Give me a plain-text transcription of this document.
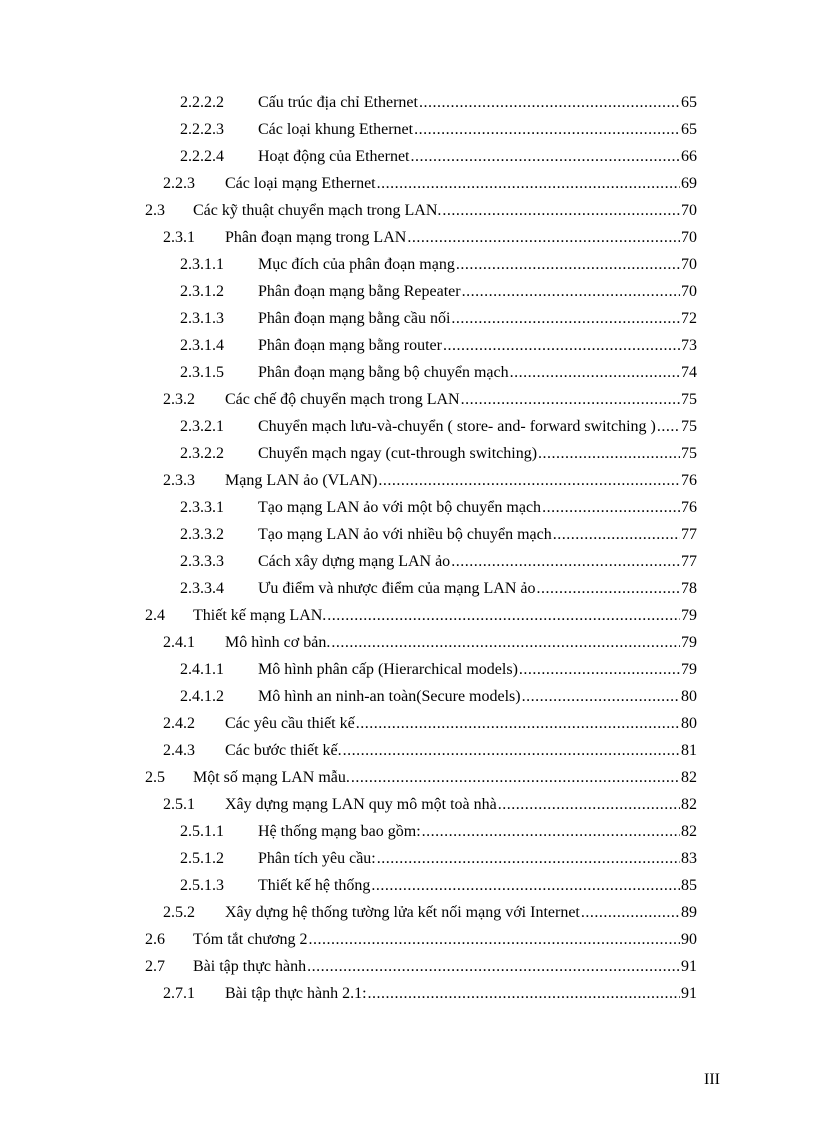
2.2.2.2 Cấu trúc địa chỉ Ethernet .....	65
2.2.2.3 Các loại khung Ethernet .....	65
2.2.2.4 Hoạt động của Ethernet .....	66
2.2.3 Các loại mạng Ethernet .....	69
2.3 Các kỹ thuật chuyển mạch trong LAN. .....	70
2.3.1 Phân đoạn mạng trong LAN .....	70
2.3.1.1 Mục đích của phân đoạn mạng .....	70
2.3.1.2 Phân đoạn mạng bằng Repeater .....	70
2.3.1.3 Phân đoạn mạng bằng cầu nối .....	72
2.3.1.4 Phân đoạn mạng bằng router .....	73
2.3.1.5 Phân đoạn mạng bằng bộ chuyển mạch .....	74
2.3.2 Các chế độ chuyển mạch trong LAN .....	75
2.3.2.1 Chuyển mạch lưu-và-chuyển ( store- and- forward switching ) ..... 75
2.3.2.2 Chuyển mạch ngay (cut-through switching) .....	75
2.3.3 Mạng LAN ảo (VLAN) .....	76
2.3.3.1 Tạo mạng LAN ảo với một bộ chuyển mạch .....	76
2.3.3.2 Tạo mạng LAN ảo với nhiều bộ chuyển mạch .....	77
2.3.3.3 Cách xây dựng mạng LAN ảo .....	77
2.3.3.4 Ưu điểm và nhược điểm của mạng LAN ảo .....	78
2.4 Thiết kế mạng LAN. .....	79
2.4.1 Mô hình cơ bản. .....	79
2.4.1.1 Mô hình phân cấp (Hierarchical models) .....	79
2.4.1.2 Mô hình an ninh-an toàn(Secure models) .....	80
2.4.2 Các yêu cầu thiết kế .....	80
2.4.3 Các bước thiết kế. .....	81
2.5 Một số mạng LAN mẫu. .....	82
2.5.1 Xây dựng mạng LAN quy mô một toà nhà .....	82
2.5.1.1 Hệ thống mạng bao gồm: .....	82
2.5.1.2 Phân tích yêu cầu: .....	83
2.5.1.3 Thiết kế hệ thống .....	85
2.5.2 Xây dựng hệ thống tường lửa kết nối mạng với Internet .....	89
2.6 Tóm tắt chương 2 .....	90
2.7 Bài tập thực hành .....	91
2.7.1 Bài tập thực hành 2.1: .....	91
III
